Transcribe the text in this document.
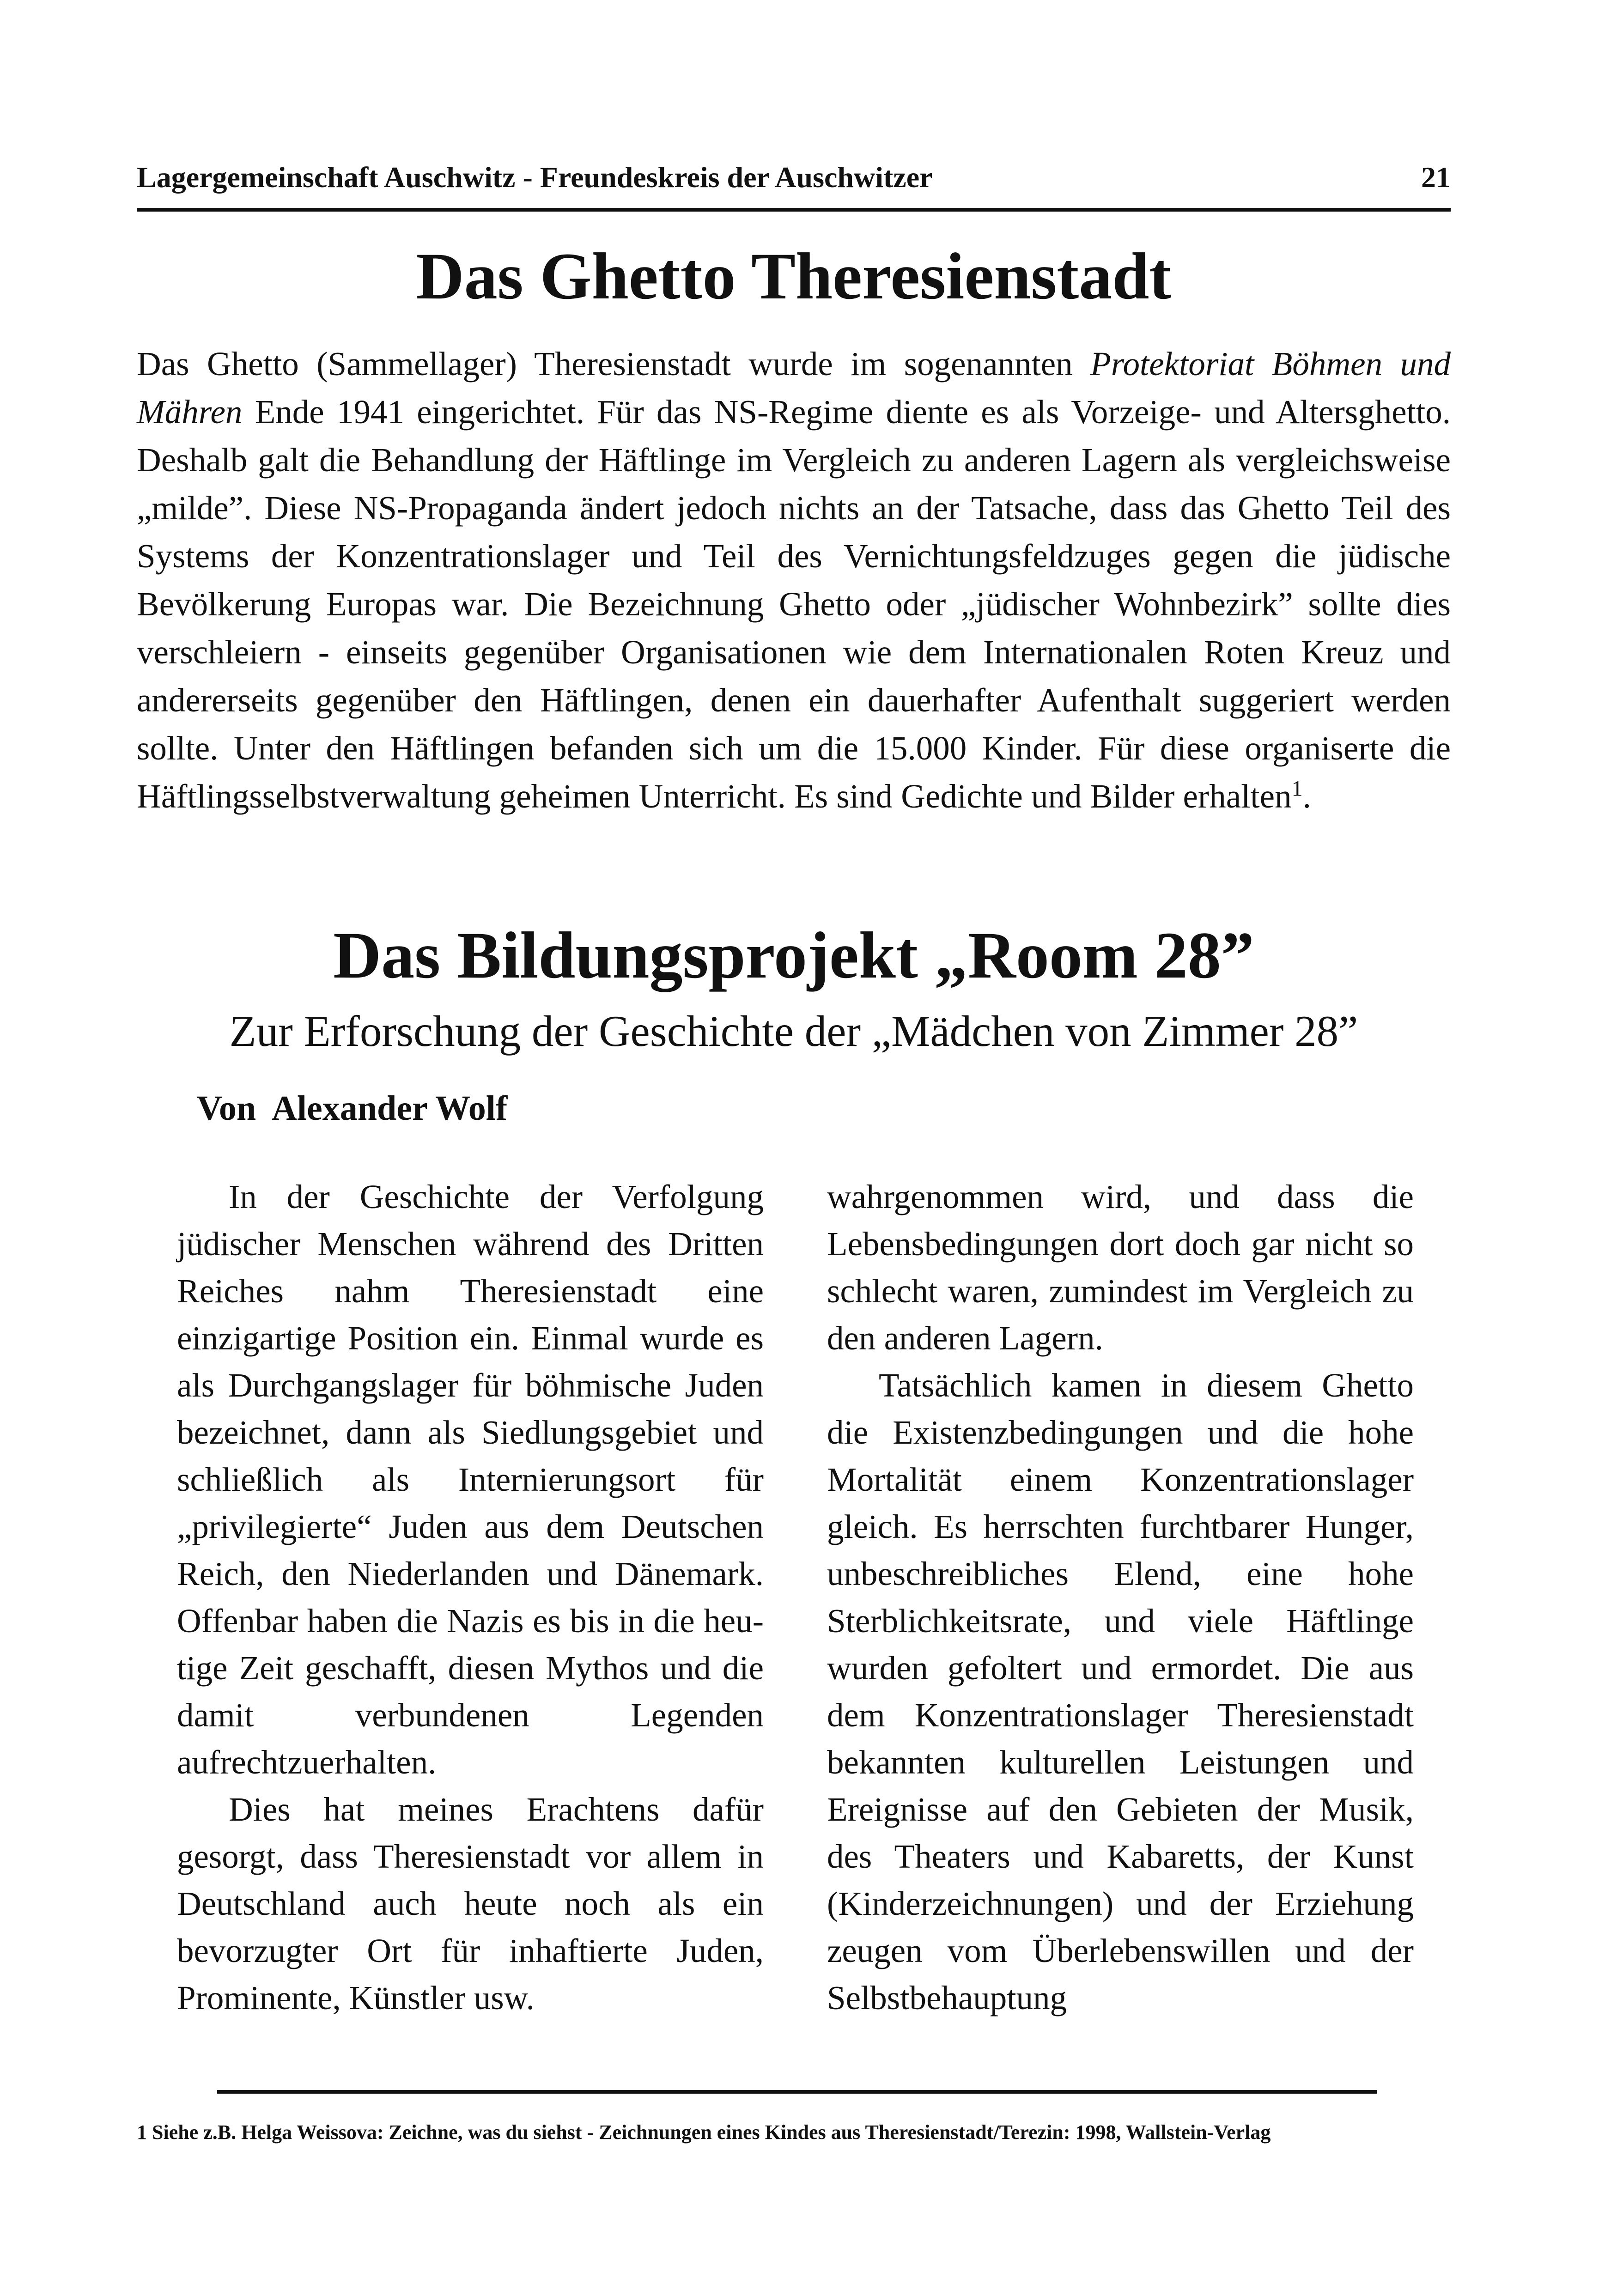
Lagergemeinschaft Auschwitz - Freundeskreis der Auschwitzer	21
Das Ghetto Theresienstadt
Das Ghetto (Sammellager) Theresienstadt wurde im sogenannten Protektoriat Böhmen und Mähren Ende 1941 eingerichtet. Für das NS-Regime diente es als Vorzeige- und Altersghetto. Deshalb galt die Behandlung der Häftlinge im Vergleich zu anderen Lagern als vergleichsweise „milde”. Diese NS-Propaganda ändert jedoch nichts an der Tatsache, dass das Ghetto Teil des Systems der Konzentrationslager und Teil des Vernichtungsfeldzuges gegen die jüdische Bevölkerung Europas war. Die Bezeichnung Ghetto oder „jüdischer Wohnbezirk” sollte dies verschleiern - einseits gegenüber Organisationen wie dem Internationalen Roten Kreuz und andererseits gegenüber den Häftlingen, denen ein dauerhafter Aufenthalt suggeriert werden sollte. Unter den Häftlingen befanden sich um die 15.000 Kinder. Für diese organiserte die Häftlingsselbstverwaltung geheimen Unterricht. Es sind Gedichte und Bilder erhalten$^1$.
Das Bildungsprojekt „Room 28”
Zur Erforschung der Geschichte der „Mädchen von Zimmer 28”
Von  Alexander Wolf

In der Geschichte der Verfolgung jüdischer Menschen während des Dritten Reiches nahm Theresienstadt eine einzigartige Position ein. Einmal wurde es als Durchgangslager für böhmische Juden bezeichnet, dann als Siedlungsgebiet und schließlich als Internierungsort für „privilegierte“ Juden aus dem Deutschen Reich, den Niederlanden und Dänemark. Offenbar haben die Nazis es bis in die heutige Zeit geschafft, diesen Mythos und die damit verbundenen Legenden aufrechtzuerhalten.

Dies hat meines Erachtens dafür gesorgt, dass Theresienstadt vor allem in Deutschland auch heute noch als ein bevorzugter Ort für inhaftierte Juden, Prominente, Künstler usw.

wahrgenommen wird, und dass die Lebensbedingungen dort doch gar nicht so schlecht waren, zumindest im Vergleich zu den anderen Lagern.

Tatsächlich kamen in diesem Ghetto die Existenzbedingungen und die hohe Mortalität einem Konzentrationslager gleich. Es herrschten furchtbarer Hunger, unbeschreibliches Elend, eine hohe Sterblichkeitsrate, und viele Häftlinge wurden gefoltert und ermordet. Die aus dem Konzentrationslager Theresienstadt bekannten kulturellen Leistungen und Ereignisse auf den Gebieten der Musik, des Theaters und Kabaretts, der Kunst (Kinderzeichnungen) und der Erziehung zeugen vom Überlebenswillen und der Selbstbehauptung

1 Siehe z.B. Helga Weissova: Zeichne, was du siehst - Zeichnungen eines Kindes aus Theresienstadt/Terezin: 1998, Wallstein-Verlag
